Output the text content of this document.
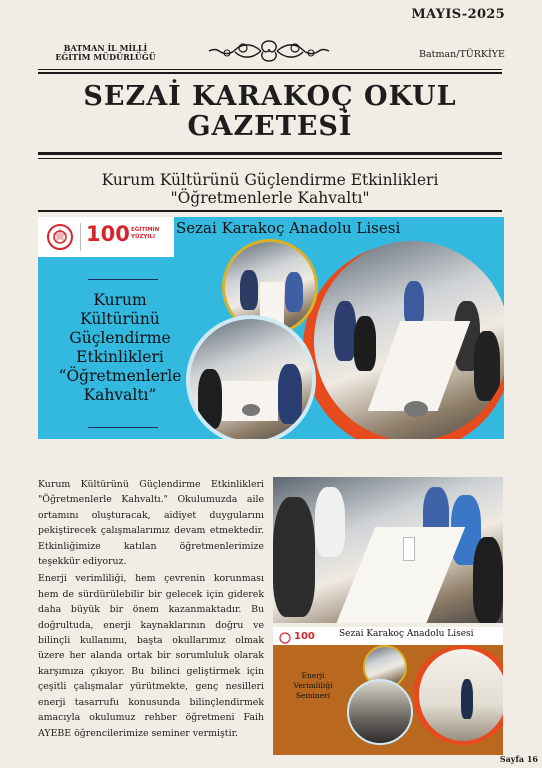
MAYIS-2025
BATMAN İL MİLLİ
EĞİTİM MÜDÜRLÜĞÜ	Batman/TÜRKİYE
SEZAİ KARAKOÇ OKUL
GAZETESİ
Kurum Kültürünü Güçlendirme Etkinlikleri
"Öğretmenlerle Kahvaltı"
100 EĞİTİMİN
YÜZYILI Sezai Karakoç Anadolu Lisesi
Kurum
Kültürünü
Güçlendirme
Etkinlikleri
“Öğretmenlerle
Kahvaltı”

Kurum Kültürünü Güçlendirme Etkinlikleri "Öğretmenlerle Kahvaltı." Okulumuzda aile ortamını oluşturacak, aidiyet duygularını pekiştirecek çalışmalarımız devam etmektedir. Etkinliğimize katılan öğretmenlerimize teşekkür ediyoruz.

Enerji verimliliği, hem çevrenin korunması hem de sürdürülebilir bir gelecek için giderek daha büyük bir önem kazanmaktadır. Bu doğrultuda, enerji kaynaklarının doğru ve bilinçli kullanımı, başta okullarımız olmak üzere her alanda ortak bir sorumluluk olarak karşımıza çıkıyor. Bu bilinci geliştirmek için çeşitli çalışmalar yürütmekte, genç nesilleri enerji tasarrufu konusunda bilinçlendirmek amacıyla okulumuz rehber öğretmeni Faih AYEBE öğrencilerimize seminer vermiştir.

100	Sezai Karakoç Anadolu Lisesi
Enerji
Verimliliği
Semineri
Sayfa 16
